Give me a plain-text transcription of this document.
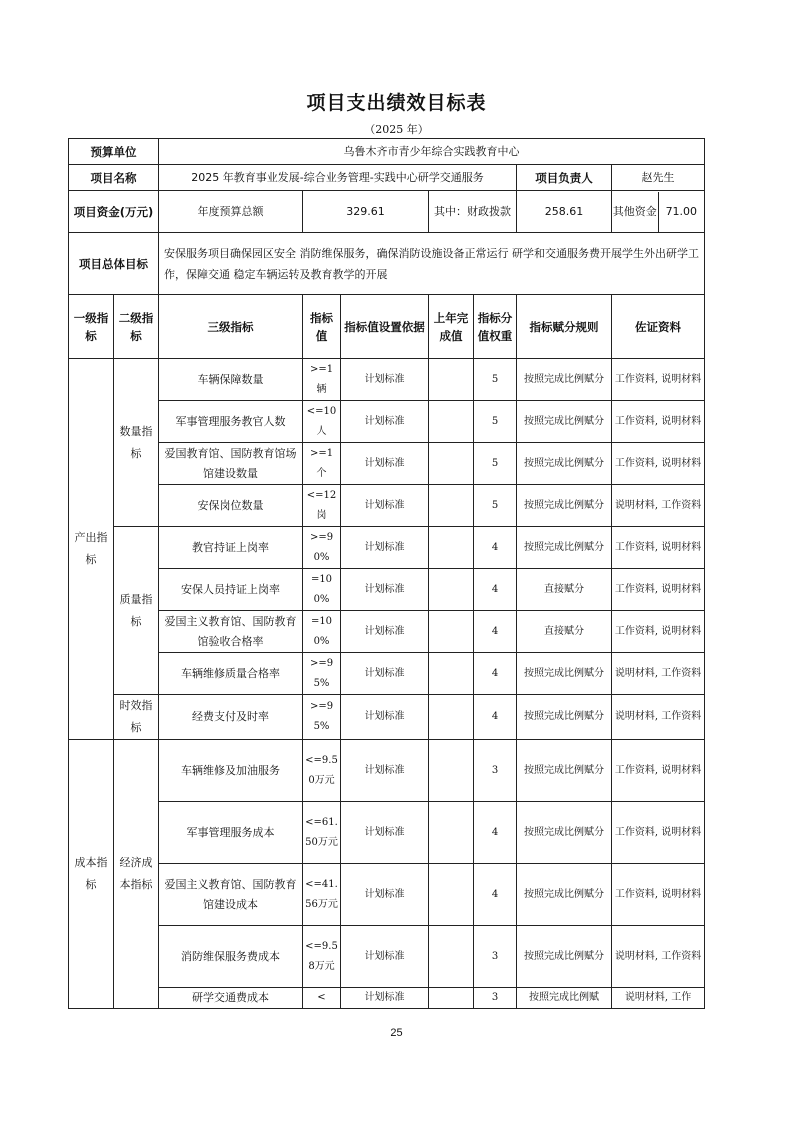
项目支出绩效目标表
（2025 年）
预算单位		乌鲁木齐市青少年综合实践教育中心						
项目名称		2025 年教育事业发展-综合业务管理-实践中心研学交通服务					项目负责人	赵先生
项目资金(万元)		年度预算总额	329.61		其中：财政拨款		258.61	其他资金 71.00

项目总体目标		安保服务项目确保园区安全 消防维保服务，确保消防设施设备正常运行 研学和交通服务费开展学生外出研学工作，保障交通 稳定车辆运转及教育教学的开展						
一级指标	二级指标	三级指标	指标值	指标值设置依据	上年完成值	指标分值权重	指标赋分规则	佐证资料
产出指标	数量指标	车辆保障数量	>=1辆	计划标准		5	按照完成比例赋分	工作资料, 说明材料
		军事管理服务教官人数	<=10人	计划标准		5	按照完成比例赋分	工作资料, 说明材料
		爱国教育馆、国防教育馆场馆建设数量	>=1个	计划标准		5	按照完成比例赋分	工作资料, 说明材料
		安保岗位数量	<=12岗	计划标准		5	按照完成比例赋分	说明材料, 工作资料
	质量指标	教官持证上岗率	>=90%	计划标准		4	按照完成比例赋分	工作资料, 说明材料
		安保人员持证上岗率	=100%	计划标准		4	直接赋分	工作资料, 说明材料
		爱国主义教育馆、国防教育馆验收合格率	=100%	计划标准		4	直接赋分	工作资料, 说明材料
		车辆维修质量合格率	>=95%	计划标准		4	按照完成比例赋分	说明材料, 工作资料
	时效指标	经费支付及时率	>=95%	计划标准		4	按照完成比例赋分	说明材料, 工作资料
成本指标	经济成本指标	车辆维修及加油服务	<=9.50万元	计划标准		3	按照完成比例赋分	工作资料, 说明材料
		军事管理服务成本	<=61.50万元	计划标准		4	按照完成比例赋分	工作资料, 说明材料
		爱国主义教育馆、国防教育馆建设成本	<=41.56万元	计划标准		4	按照完成比例赋分	工作资料, 说明材料
		消防维保服务费成本	<=9.58万元	计划标准		3	按照完成比例赋分	说明材料, 工作资料
		研学交通费成本	<	计划标准		3	按照完成比例赋	说明材料, 工作
25
